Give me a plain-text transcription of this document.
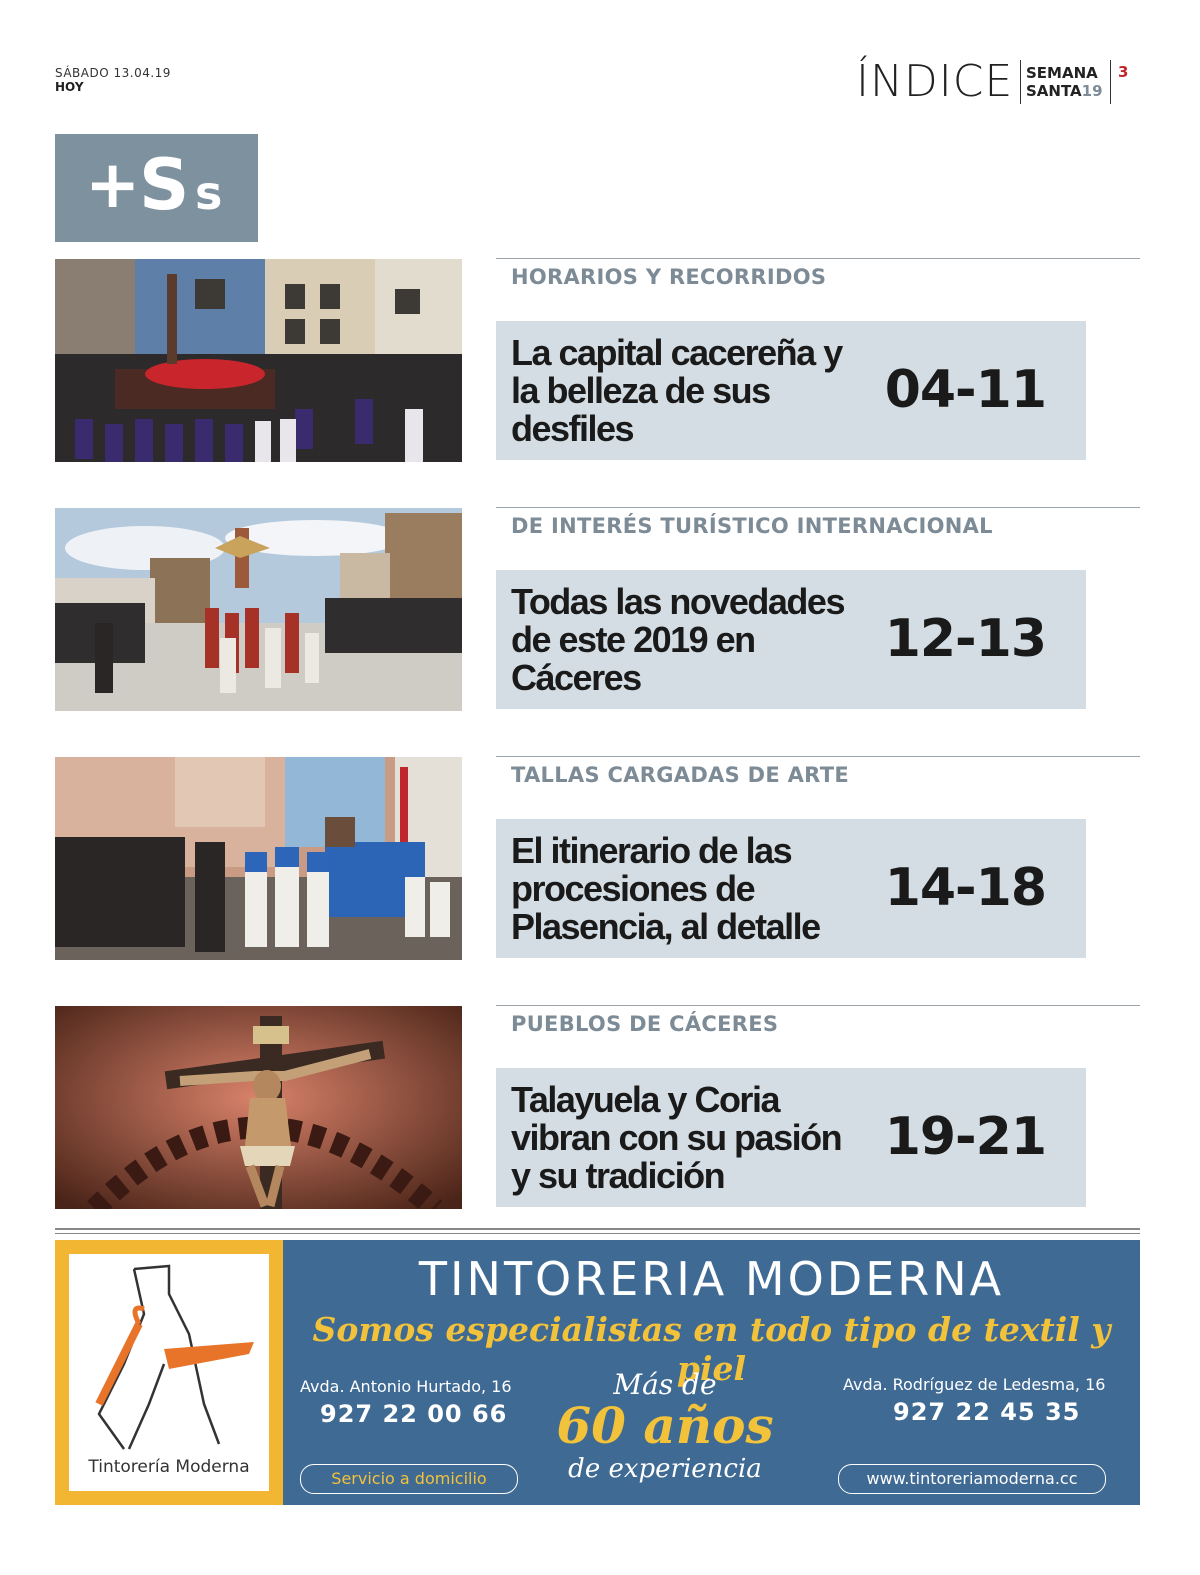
SÁBADO 13.04.19
HOY	ÍNDICE SEMANA
SANTA19
3
+
S s
HORARIOS Y RECORRIDOS
La capital cacereña y la belleza de sus desfiles
04-11
DE INTERÉS TURÍSTICO INTERNACIONAL
Todas las novedades de este 2019 en Cáceres
12-13
TALLAS CARGADAS DE ARTE
El itinerario de las procesiones de Plasencia, al detalle
14-18
PUEBLOS DE CÁCERES
Talayuela y Coria vibran con su pasión y su tradición
19-21
Tintorería Moderna
TINTORERIA MODERNA
Somos especialistas en todo tipo de textil y piel
Avda. Antonio Hurtado, 16
927 22 00 66
Servicio a domicilio
Más de
60 años
de experiencia
Avda. Rodríguez de Ledesma, 16
927 22 45 35
www.tintoreriamoderna.cc
